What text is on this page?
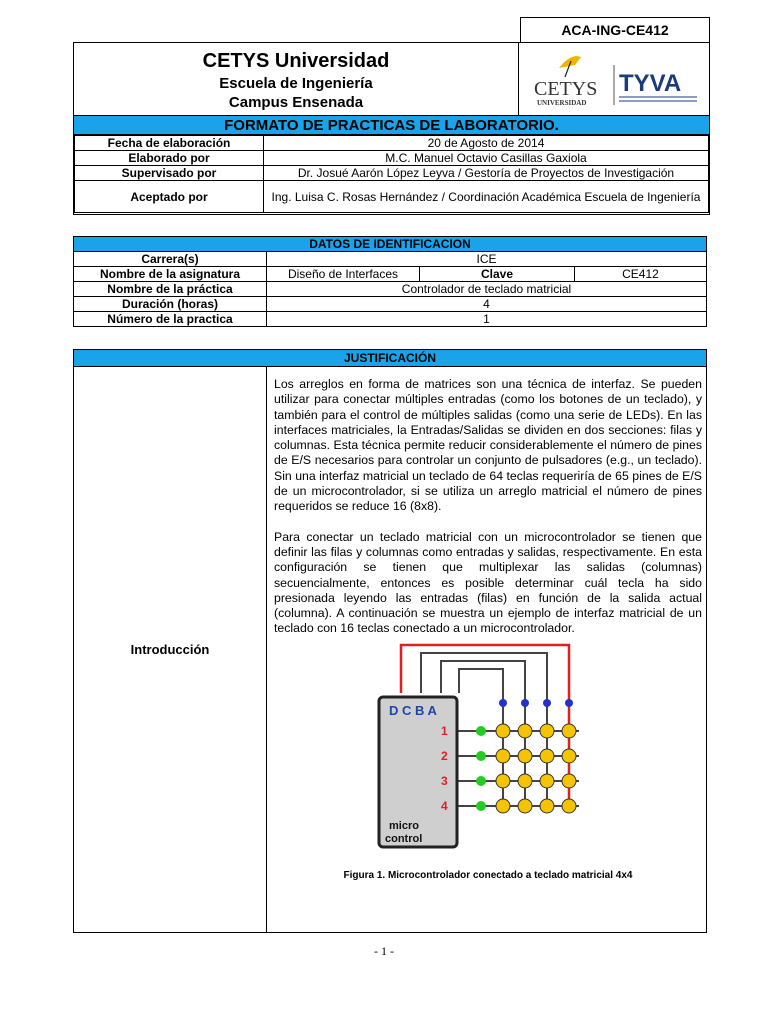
ACA-ING-CE412
CETYS Universidad
Escuela de Ingeniería
Campus Ensenada
CETYS
UNIVERSIDAD
TYVA
FORMATO DE PRACTICAS DE LABORATORIO.
Fecha de elaboración	20 de Agosto de 2014
Elaborado por	M.C. Manuel Octavio Casillas Gaxiola
Supervisado por	Dr. Josué Aarón López Leyva / Gestoría de Proyectos de Investigación
Aceptado por	Ing. Luisa C. Rosas Hernández / Coordinación Académica Escuela de Ingeniería
DATOS DE IDENTIFICACION			
Carrera(s)	ICE		
Nombre de la asignatura	Diseño de Interfaces	Clave	CE412
Nombre de la práctica	Controlador de teclado matricial		
Duración (horas)	4		
Número de la practica	1		
JUSTIFICACIÓN
Introducción

Los arreglos en forma de matrices son una técnica de interfaz. Se pueden utilizar para conectar múltiples entradas (como los botones de un teclado), y también para el control de múltiples salidas (como una serie de LEDs). En las interfaces matriciales, la Entradas/Salidas se dividen en dos secciones: filas y columnas. Esta técnica permite reducir considerablemente el número de pines de E/S necesarios para controlar un conjunto de pulsadores (e.g., un teclado). Sin una interfaz matricial un teclado de 64 teclas requeriría de 65 pines de E/S de un microcontrolador, si se utiliza un arreglo matricial el número de pines requeridos se reduce 16 (8x8).

Para conectar un teclado matricial con un microcontrolador se tienen que definir las filas y columnas como entradas y salidas, respectivamente. En esta configuración se tienen que multiplexar las salidas (columnas) secuencialmente, entonces es posible determinar cuál tecla ha sido presionada leyendo las entradas (filas) en función de la salida actual (columna). A continuación se muestra un ejemplo de interfaz matricial de un teclado con 16 teclas conectado a un microcontrolador.

D C B A
1
2
3
4
micro
control
Figura 1. Microcontrolador conectado a teclado matricial 4x4
- 1 -
